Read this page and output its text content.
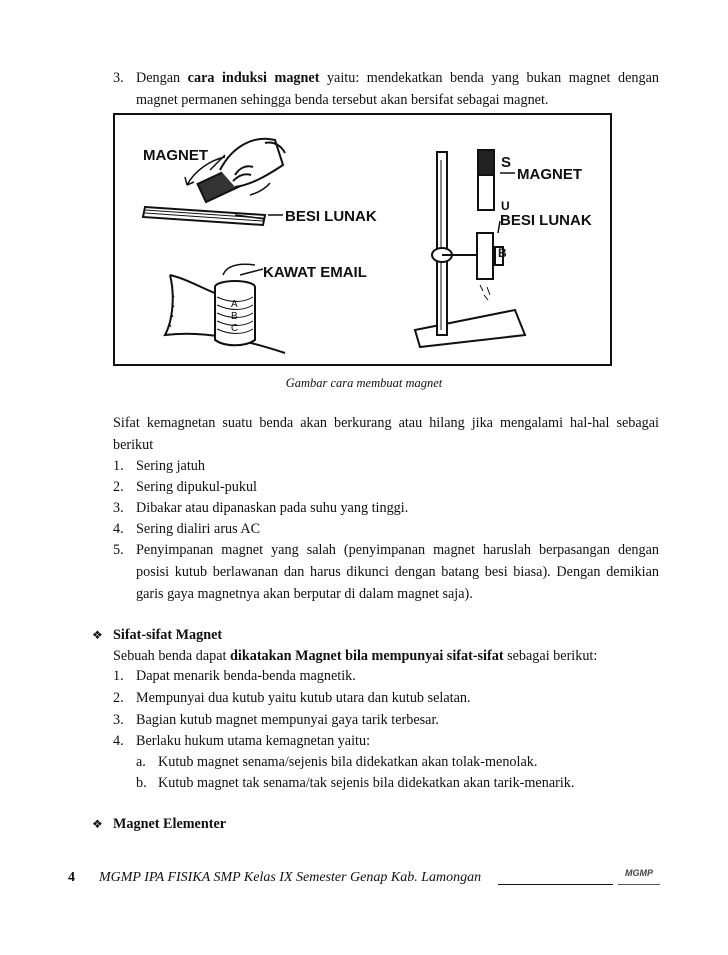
3. Dengan cara induksi magnet yaitu: mendekatkan benda yang bukan magnet dengan
magnet permanen sehingga benda tersebut akan bersifat sebagai magnet.
MAGNET
BESI LUNAK
A
B
C
KAWAT EMAIL
S
U
B
MAGNET
BESI LUNAK
Gambar cara membuat magnet
Sifat kemagnetan suatu benda akan berkurang atau hilang jika mengalami hal-hal sebagai
berikut
1. Sering jatuh
2. Sering dipukul-pukul
3. Dibakar atau dipanaskan pada suhu yang tinggi.
4. Sering dialiri arus AC
5. Penyimpanan magnet yang salah (penyimpanan magnet haruslah berpasangan dengan
posisi kutub berlawanan dan harus dikunci dengan batang besi biasa). Dengan demikian
garis gaya magnetnya akan berputar di dalam magnet saja).
❖ Sifat-sifat Magnet
Sebuah benda dapat dikatakan Magnet bila mempunyai sifat-sifat sebagai berikut:
1. Dapat menarik benda-benda magnetik.
2. Mempunyai dua kutub yaitu kutub utara dan kutub selatan.
3. Bagian kutub magnet mempunyai gaya tarik terbesar.
4. Berlaku hukum utama kemagnetan yaitu:
a. Kutub magnet senama/sejenis bila didekatkan akan tolak-menolak.
b. Kutub magnet tak senama/tak sejenis bila didekatkan akan tarik-menarik.
❖ Magnet Elementer
4 MGMP IPA FISIKA SMP Kelas IX Semester Genap Kab. Lamongan	MGMP
